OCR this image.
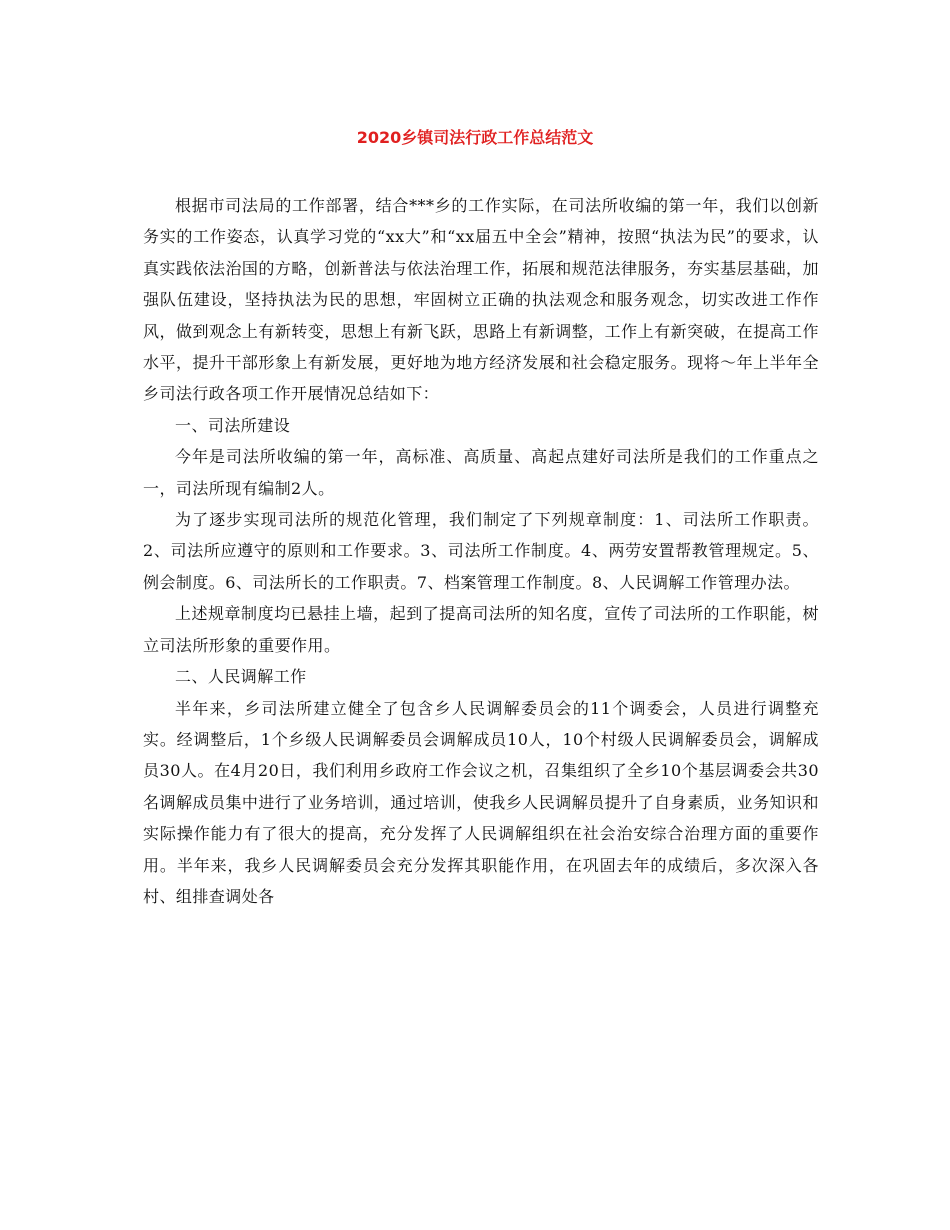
2020乡镇司法行政工作总结范文

根据市司法局的工作部署，结合***乡的工作实际，在司法所收编的第一年，我们以创新务实的工作姿态，认真学习党的“xx大”和“xx届五中全会”精神，按照“执法为民”的要求，认真实践依法治国的方略，创新普法与依法治理工作，拓展和规范法律服务，夯实基层基础，加强队伍建设，坚持执法为民的思想，牢固树立正确的执法观念和服务观念，切实改进工作作风，做到观念上有新转变，思想上有新飞跃，思路上有新调整，工作上有新突破，在提高工作水平，提升干部形象上有新发展，更好地为地方经济发展和社会稳定服务。现将～年上半年全乡司法行政各项工作开展情况总结如下：

一、司法所建设

今年是司法所收编的第一年，高标准、高质量、高起点建好司法所是我们的工作重点之一，司法所现有编制2人。

为了逐步实现司法所的规范化管理，我们制定了下列规章制度：1、司法所工作职责。2、司法所应遵守的原则和工作要求。3、司法所工作制度。4、两劳安置帮教管理规定。5、例会制度。6、司法所长的工作职责。7、档案管理工作制度。8、人民调解工作管理办法。

上述规章制度均已悬挂上墙，起到了提高司法所的知名度，宣传了司法所的工作职能，树立司法所形象的重要作用。

二、人民调解工作

半年来，乡司法所建立健全了包含乡人民调解委员会的11个调委会，人员进行调整充实。经调整后，1个乡级人民调解委员会调解成员10人，10个村级人民调解委员会，调解成员30人。在4月20日，我们利用乡政府工作会议之机，召集组织了全乡10个基层调委会共30名调解成员集中进行了业务培训，通过培训，使我乡人民调解员提升了自身素质，业务知识和实际操作能力有了很大的提高，充分发挥了人民调解组织在社会治安综合治理方面的重要作用。半年来，我乡人民调解委员会充分发挥其职能作用，在巩固去年的成绩后，多次深入各村、组排查调处各
